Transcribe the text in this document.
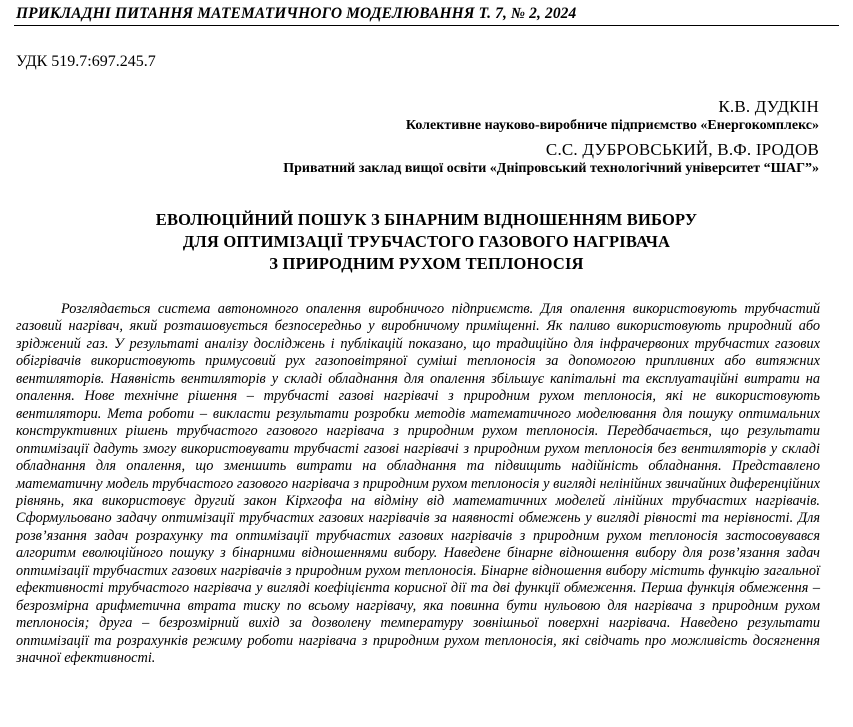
ПРИКЛАДНІ ПИТАННЯ МАТЕМАТИЧНОГО МОДЕЛЮВАННЯ Т. 7, № 2, 2024
УДК 519.7:697.245.7
К.В. ДУДКІН
Колективне науково-виробниче підприємство «Енергокомплекс»
С.С. ДУБРОВСЬКИЙ, В.Ф. ІРОДОВ
Приватний заклад вищої освіти «Дніпровський технологічний університет “ШАГ”»
ЕВОЛЮЦІЙНИЙ ПОШУК З БІНАРНИМ ВІДНОШЕННЯМ ВИБОРУ
ДЛЯ ОПТИМІЗАЦІЇ ТРУБЧАСТОГО ГАЗОВОГО НАГРІВАЧА
З ПРИРОДНИМ РУХОМ ТЕПЛОНОСІЯ

Розглядається система автономного опалення виробничого підприємств. Для опалення використовують трубчастий газовий нагрівач, який розташовується безпосередньо у виробничому приміщенні. Як паливо використовують природний або зріджений газ. У результаті аналізу досліджень і публікацій показано, що традиційно для інфрачервоних трубчастих газових обігрівачів використовують примусовий рух газоповітряної суміші теплоносія за допомогою припливних або витяжних вентиляторів. Наявність вентиляторів у складі обладнання для опалення збільшує капітальні та експлуатаційні витрати на опалення. Нове технічне рішення – трубчасті газові нагрівачі з природним рухом теплоносія, які не використовують вентилятори. Мета роботи – викласти результати розробки методів математичного моделювання для пошуку оптимальних конструктивних рішень трубчастого газового нагрівача з природним рухом теплоносія. Передбачається, що результати оптимізації дадуть змогу використовувати трубчасті газові нагрівачі з природним рухом теплоносія без вентиляторів у складі обладнання для опалення, що зменшить витрати на обладнання та підвищить надійність обладнання. Представлено математичну модель трубчастого газового нагрівача з природним рухом теплоносія у вигляді нелінійних звичайних диференційних рівнянь, яка використовує другий закон Кірхгофа на відміну від математичних моделей лінійних трубчастих нагрівачів. Сформульовано задачу оптимізації трубчастих газових нагрівачів за наявності обмежень у вигляді рівності та нерівності. Для розв’язання задач розрахунку та оптимізації трубчастих газових нагрівачів з природним рухом теплоносія застосовувався алгоритм еволюційного пошуку з бінарними відношеннями вибору. Наведене бінарне відношення вибору для розв’язання задач оптимізації трубчастих газових нагрівачів з природним рухом теплоносія. Бінарне відношення вибору містить функцію загальної ефективності трубчастого нагрівача у вигляді коефіцієнта корисної дії та дві функції обмеження. Перша функція обмеження – безрозмірна арифметична втрата тиску по всьому нагрівачу, яка повинна бути нульовою для нагрівача з природним рухом теплоносія; друга – безрозмірний вихід за дозволену температуру зовнішньої поверхні нагрівача. Наведено результати оптимізації та розрахунків режиму роботи нагрівача з природним рухом теплоносія, які свідчать про можливість досягнення значної ефективності.
